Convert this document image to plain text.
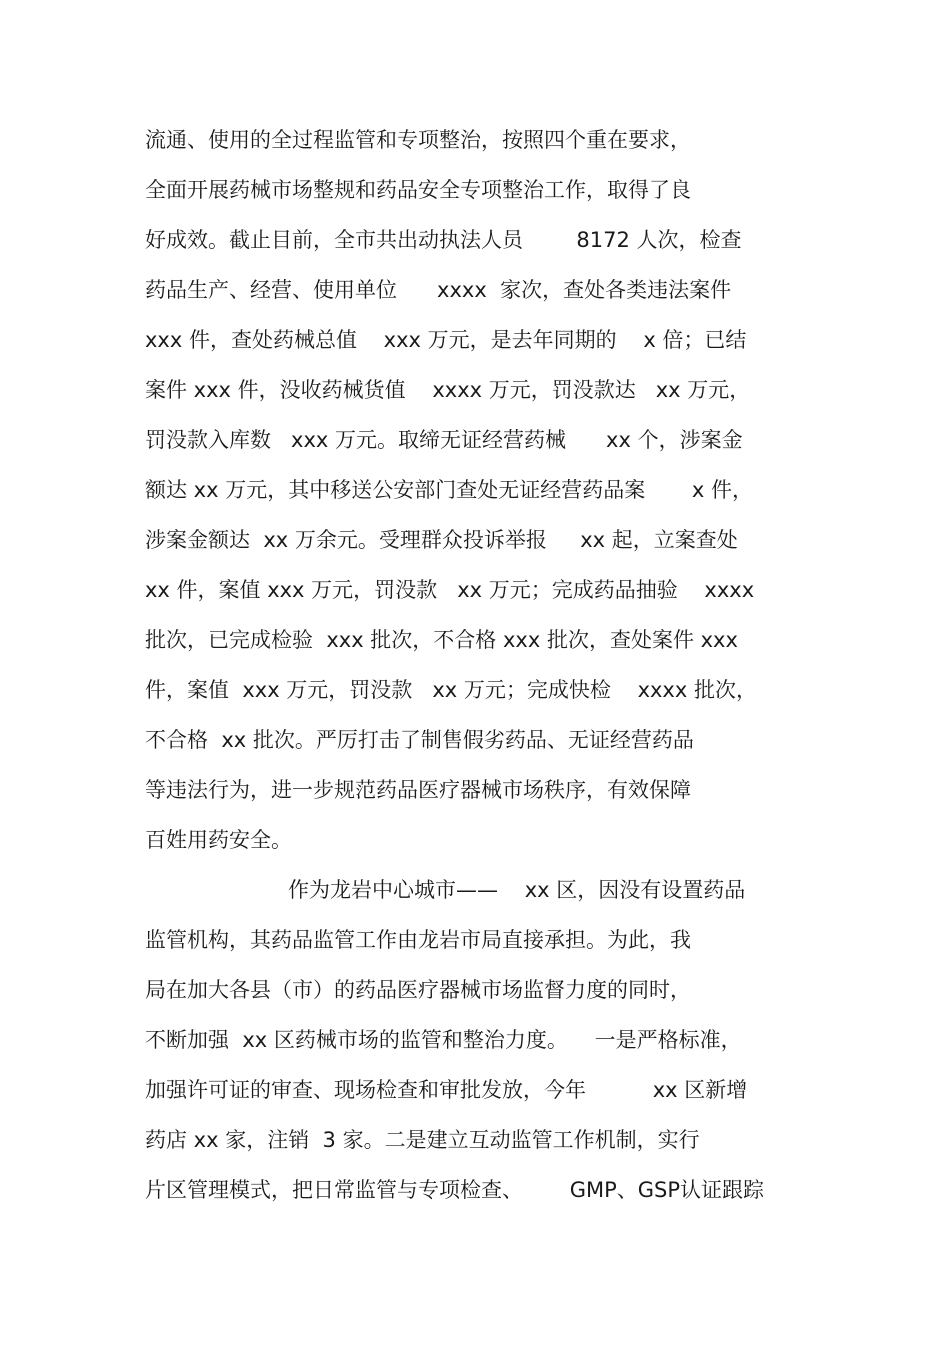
流通、使用的全过程监管和专项整治，按照四个重在要求，
全面开展药械市场整规和药品安全专项整治工作，取得了良
好成效。截止目前，全市共出动执法人员        8172 人次，检查
药品生产、经营、使用单位      xxxx  家次，查处各类违法案件
xxx 件，查处药械总值    xxx 万元，是去年同期的    x 倍；已结
案件 xxx 件，没收药械货值    xxxx 万元，罚没款达   xx 万元，
罚没款入库数   xxx 万元。取缔无证经营药械      xx 个，涉案金
额达 xx 万元，其中移送公安部门查处无证经营药品案       x 件，
涉案金额达  xx 万余元。受理群众投诉举报     xx 起，立案查处
xx 件，案值 xxx 万元，罚没款   xx 万元；完成药品抽验    xxxx
批次，已完成检验  xxx 批次，不合格 xxx 批次，查处案件 xxx
件，案值  xxx 万元，罚没款   xx 万元；完成快检    xxxx 批次，
不合格  xx 批次。严厉打击了制售假劣药品、无证经营药品
等违法行为，进一步规范药品医疗器械市场秩序，有效保障
百姓用药安全。
作为龙岩中心城市——    xx 区，因没有设置药品
监管机构，其药品监管工作由龙岩市局直接承担。为此，我
局在加大各县（市）的药品医疗器械市场监督力度的同时，
不断加强  xx 区药械市场的监管和整治力度。    一是严格标准，
加强许可证的审查、现场检查和审批发放，今年          xx 区新增
药店 xx 家，注销  3 家。二是建立互动监管工作机制，实行
片区管理模式，把日常监管与专项检查、       GMP、GSP认证跟踪
